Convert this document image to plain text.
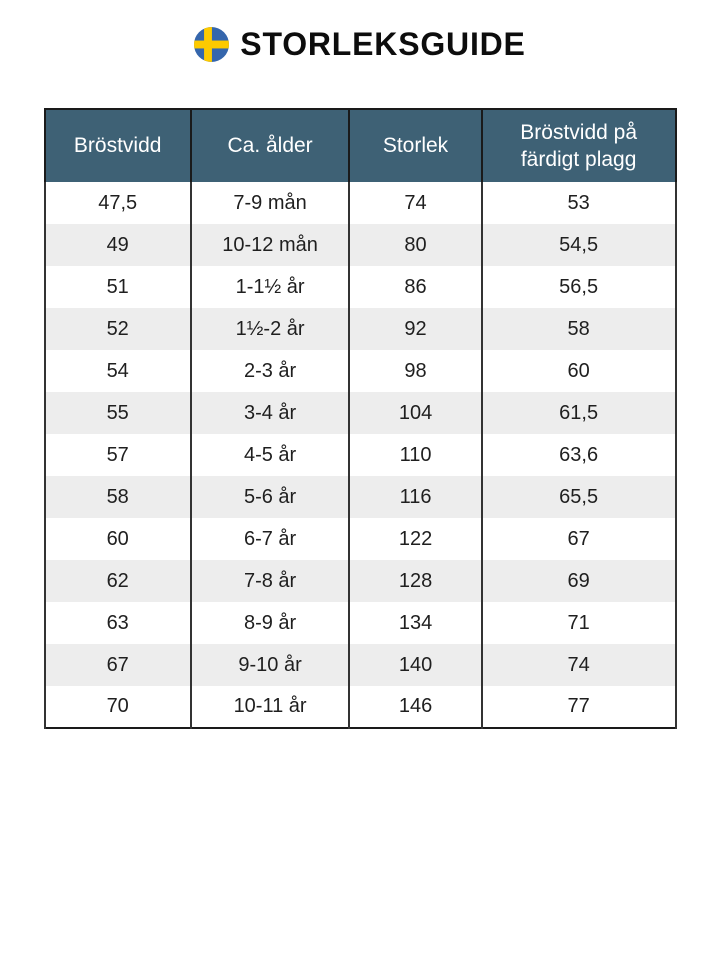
STORLEKSGUIDE
Bröstvidd	Ca. ålder	Storlek	Bröstvidd på färdigt plagg
47,5	7-9 mån	74	53
49	10-12 mån	80	54,5
51	1-1½ år	86	56,5
52	1½-2 år	92	58
54	2-3 år	98	60
55	3-4 år	104	61,5
57	4-5 år	110	63,6
58	5-6 år	116	65,5
60	6-7 år	122	67
62	7-8 år	128	69
63	8-9 år	134	71
67	9-10 år	140	74
70	10-11 år	146	77
